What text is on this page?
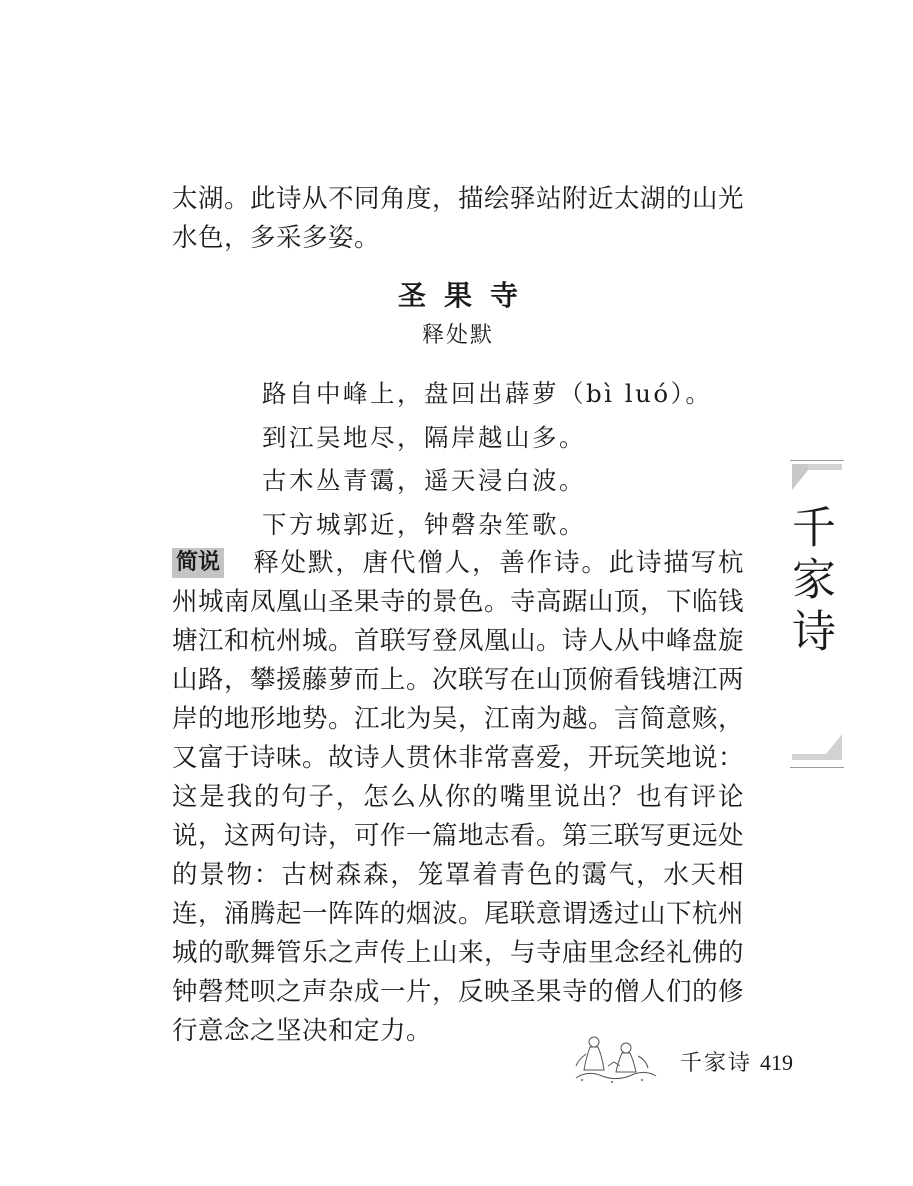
太湖。此诗从不同角度，描绘驿站附近太湖的山光水色，多采多姿。

圣果寺
释处默
路自中峰上，盘回出薜萝（bì luó）。
到江吴地尽，隔岸越山多。
古木丛青霭，遥天浸白波。
下方城郭近，钟磬杂笙歌。

简说 释处默，唐代僧人，善作诗。此诗描写杭州城南凤凰山圣果寺的景色。寺高踞山顶，下临钱塘江和杭州城。首联写登凤凰山。诗人从中峰盘旋山路，攀援藤萝而上。次联写在山顶俯看钱塘江两岸的地形地势。江北为吴，江南为越。言简意赅，又富于诗味。故诗人贯休非常喜爱，开玩笑地说：这是我的句子，怎么从你的嘴里说出？也有评论说，这两句诗，可作一篇地志看。第三联写更远处的景物：古树森森，笼罩着青色的霭气，水天相连，涌腾起一阵阵的烟波。尾联意谓透过山下杭州城的歌舞管乐之声传上山来，与寺庙里念经礼佛的钟磬梵呗之声杂成一片，反映圣果寺的僧人们的修行意念之坚决和定力。

千家诗
千家诗 419
